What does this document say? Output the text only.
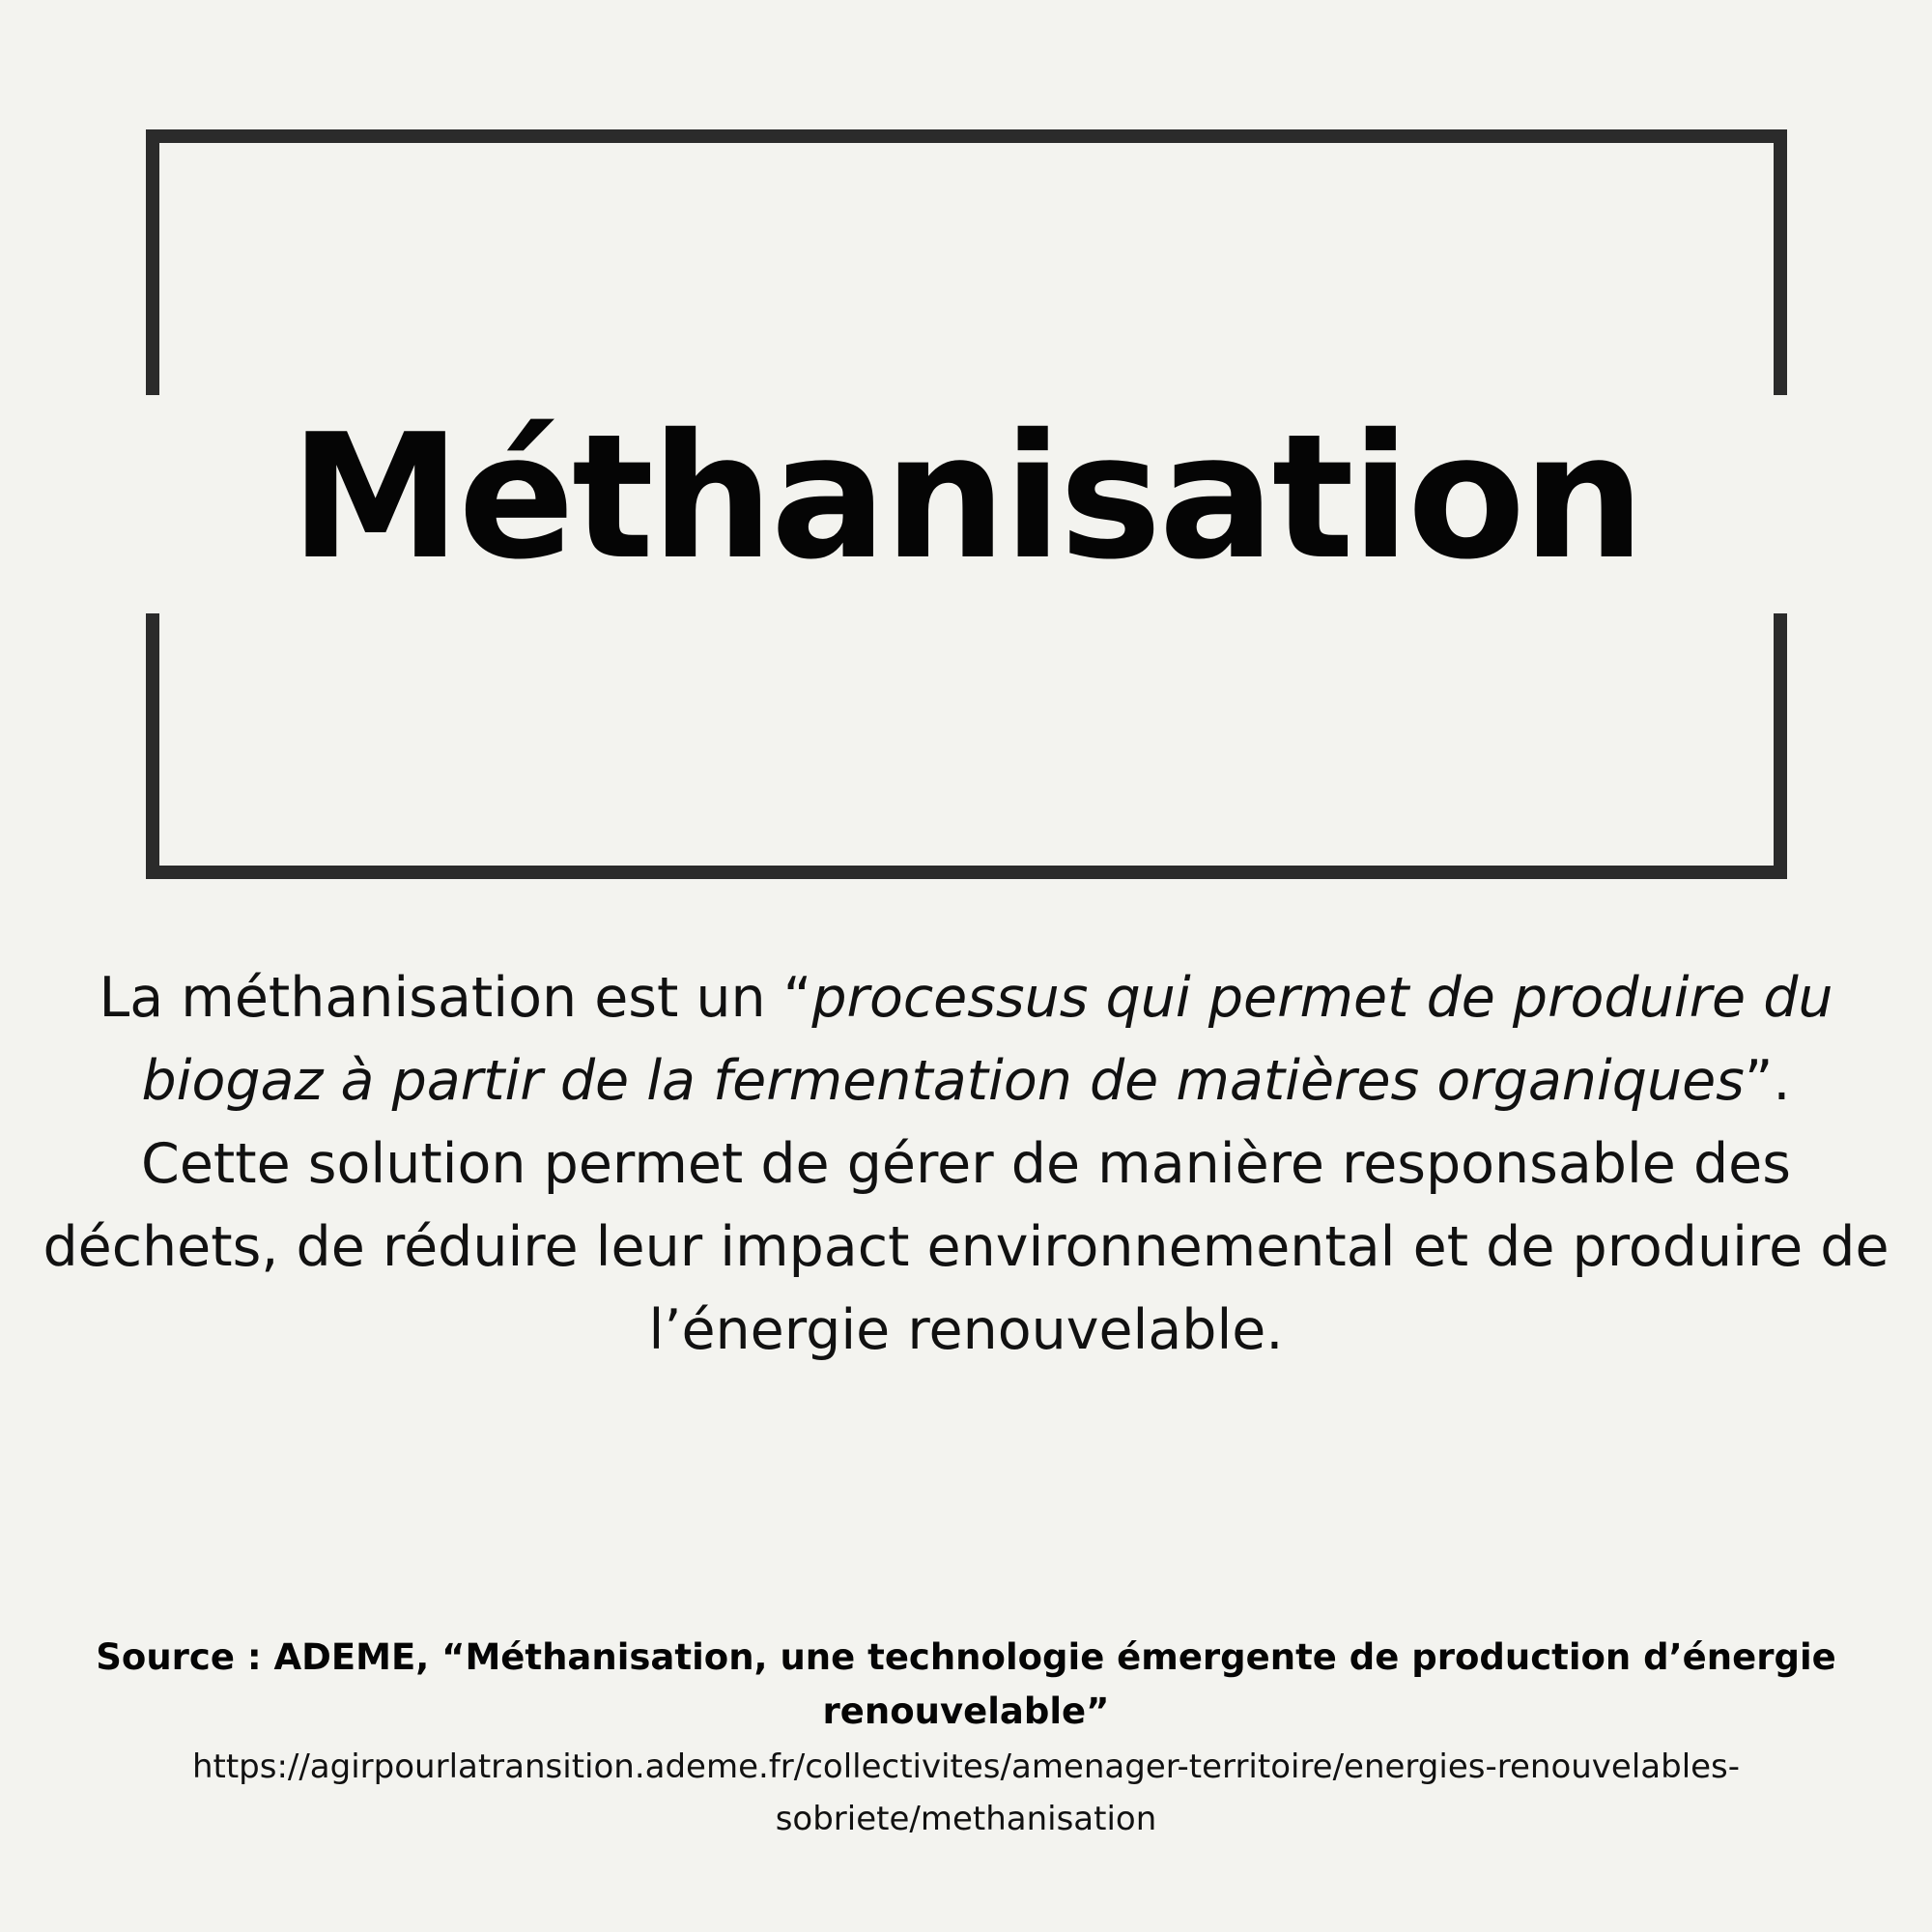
Méthanisation

La méthanisation est un “processus qui permet de produire du biogaz à partir de la fermentation de matières organiques”.

Cette solution permet de gérer de manière responsable des déchets, de réduire leur impact environnemental et de produire de l’énergie renouvelable.

Source : ADEME, “Méthanisation, une technologie émergente de production d’énergie renouvelable”

https://agirpourlatransition.ademe.fr/collectivites/amenager-territoire/energies-renouvelables-
sobriete/methanisation
